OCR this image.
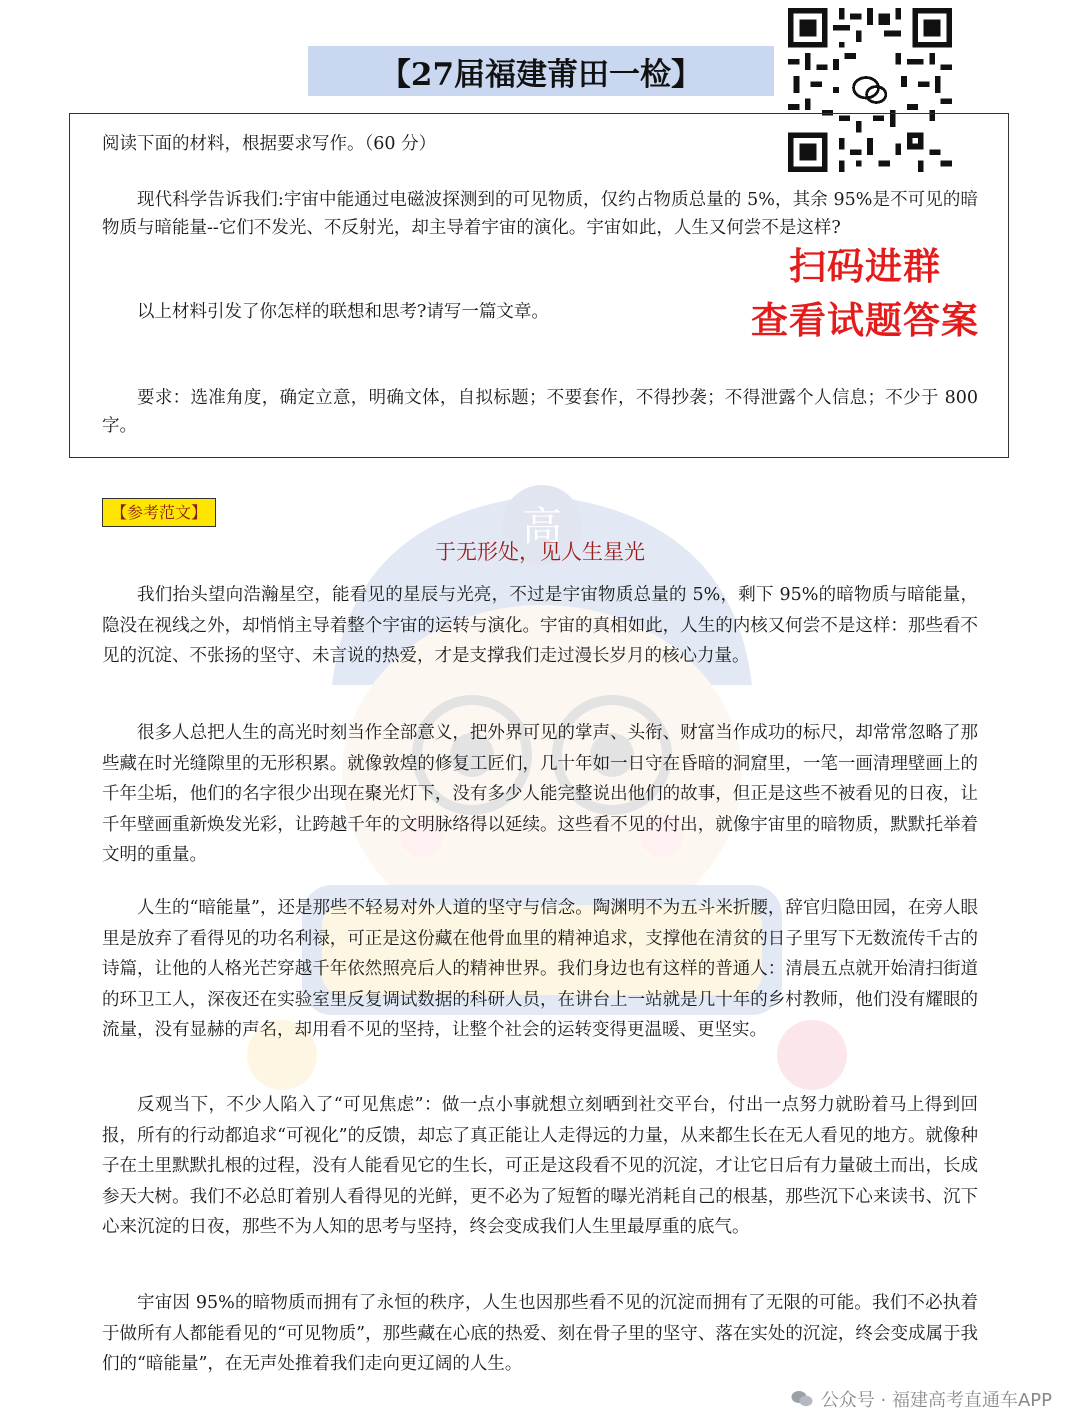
高
【27届福建莆田一检】

阅读下面的材料，根据要求写作。（60 分）

现代科学告诉我们:宇宙中能通过电磁波探测到的可见物质，仅约占物质总量的 5%，其余 95%是不可见的暗物质与暗能量--它们不发光、不反射光，却主导着宇宙的演化。宇宙如此，人生又何尝不是这样?

以上材料引发了你怎样的联想和思考?请写一篇文章。

要求：选准角度，确定立意，明确文体，自拟标题；不要套作，不得抄袭；不得泄露个人信息；不少于 800 字。

扫码进群
查看试题答案
【参考范文】
于无形处，见人生星光

我们抬头望向浩瀚星空，能看见的星辰与光亮，不过是宇宙物质总量的 5%，剩下 95%的暗物质与暗能量，隐没在视线之外，却悄悄主导着整个宇宙的运转与演化。宇宙的真相如此，人生的内核又何尝不是这样：那些看不见的沉淀、不张扬的坚守、未言说的热爱，才是支撑我们走过漫长岁月的核心力量。

很多人总把人生的高光时刻当作全部意义，把外界可见的掌声、头衔、财富当作成功的标尺，却常常忽略了那些藏在时光缝隙里的无形积累。就像敦煌的修复工匠们，几十年如一日守在昏暗的洞窟里，一笔一画清理壁画上的千年尘垢，他们的名字很少出现在聚光灯下，没有多少人能完整说出他们的故事，但正是这些不被看见的日夜，让千年壁画重新焕发光彩，让跨越千年的文明脉络得以延续。这些看不见的付出，就像宇宙里的暗物质，默默托举着文明的重量。

人生的“暗能量”，还是那些不轻易对外人道的坚守与信念。陶渊明不为五斗米折腰，辞官归隐田园，在旁人眼里是放弃了看得见的功名利禄，可正是这份藏在他骨血里的精神追求，支撑他在清贫的日子里写下无数流传千古的诗篇，让他的人格光芒穿越千年依然照亮后人的精神世界。我们身边也有这样的普通人：清晨五点就开始清扫街道的环卫工人，深夜还在实验室里反复调试数据的科研人员，在讲台上一站就是几十年的乡村教师，他们没有耀眼的流量，没有显赫的声名，却用看不见的坚持，让整个社会的运转变得更温暖、更坚实。

反观当下，不少人陷入了“可见焦虑”：做一点小事就想立刻晒到社交平台，付出一点努力就盼着马上得到回报，所有的行动都追求“可视化”的反馈，却忘了真正能让人走得远的力量，从来都生长在无人看见的地方。就像种子在土里默默扎根的过程，没有人能看见它的生长，可正是这段看不见的沉淀，才让它日后有力量破土而出，长成参天大树。我们不必总盯着别人看得见的光鲜，更不必为了短暂的曝光消耗自己的根基，那些沉下心来读书、沉下心来沉淀的日夜，那些不为人知的思考与坚持，终会变成我们人生里最厚重的底气。

宇宙因 95%的暗物质而拥有了永恒的秩序，人生也因那些看不见的沉淀而拥有了无限的可能。我们不必执着于做所有人都能看见的“可见物质”，那些藏在心底的热爱、刻在骨子里的坚守、落在实处的沉淀，终会变成属于我们的“暗能量”，在无声处推着我们走向更辽阔的人生。

公众号 · 福建高考直通车APP
